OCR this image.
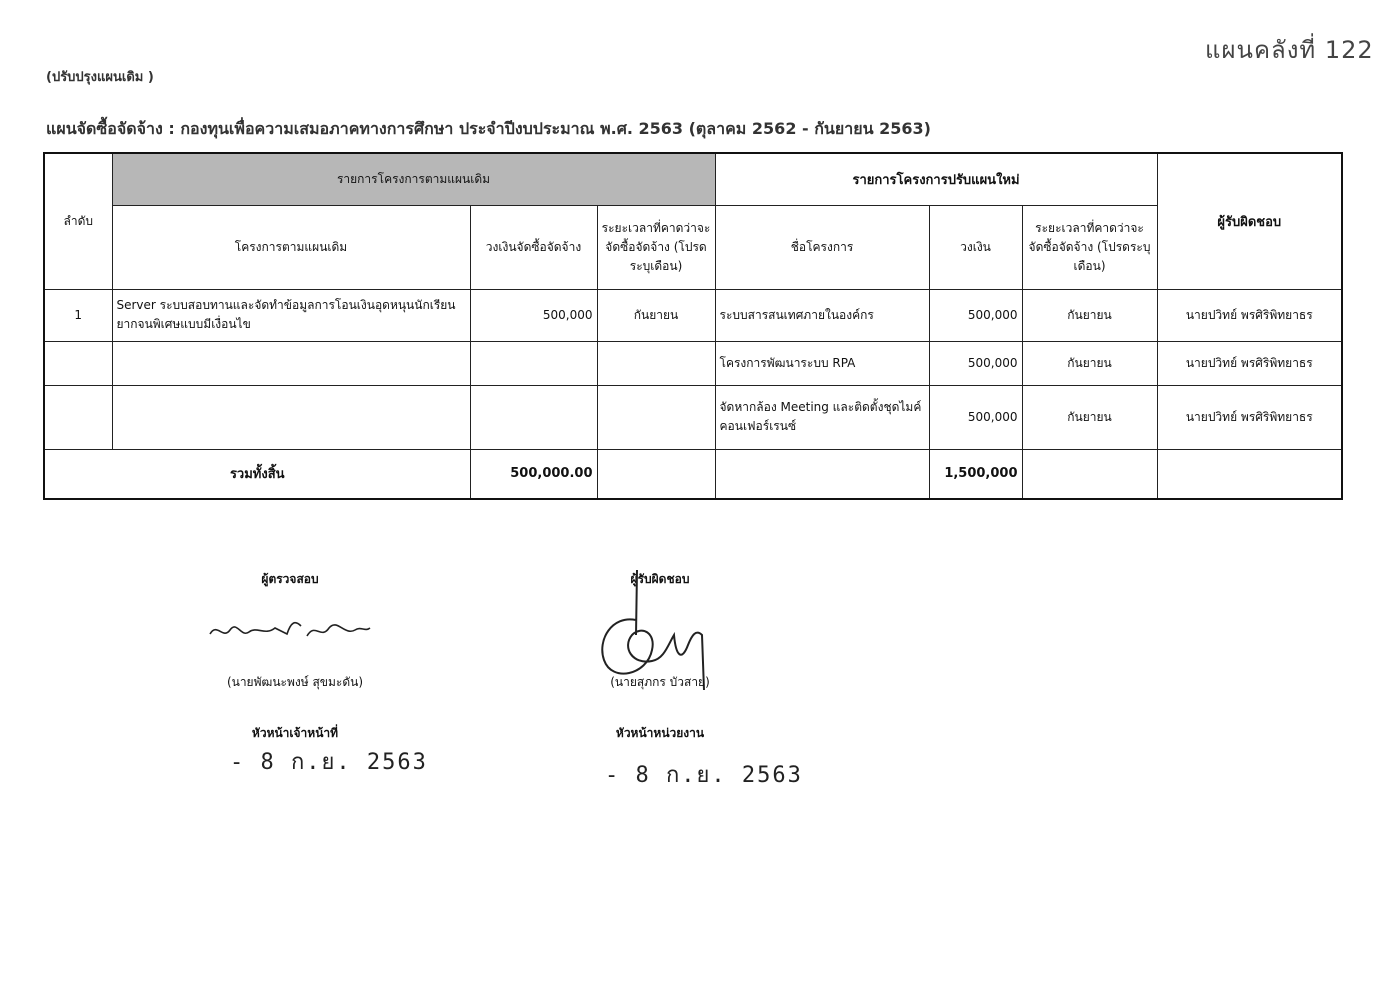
แผนคลังที่ 122
(ปรับปรุงแผนเดิม )
แผนจัดซื้อจัดจ้าง : กองทุนเพื่อความเสมอภาคทางการศึกษา ประจำปีงบประมาณ พ.ศ. 2563 (ตุลาคม 2562 - กันยายน 2563)
ลำดับ	รายการโครงการตามแผนเดิม			รายการโครงการปรับแผนใหม่			ผู้รับผิดชอบ
	โครงการตามแผนเดิม	วงเงินจัดซื้อจัดจ้าง	ระยะเวลาที่คาดว่าจะ จัดซื้อจัดจ้าง (โปรดระบุเดือน)	ชื่อโครงการ	วงเงิน	ระยะเวลาที่คาดว่าจะ จัดซื้อจัดจ้าง (โปรดระบุเดือน)	
1	Server ระบบสอบทานและจัดทำข้อมูลการโอนเงินอุดหนุนนักเรียนยากจนพิเศษแบบมีเงื่อนไข	500,000	กันยายน	ระบบสารสนเทศภายในองค์กร	500,000	กันยายน	นายปวิทย์ พรศิริพิทยาธร
				โครงการพัฒนาระบบ RPA	500,000	กันยายน	นายปวิทย์ พรศิริพิทยาธร
				จัดหากล้อง Meeting และติดตั้งชุดไมค์คอนเฟอร์เรนซ์	500,000	กันยายน	นายปวิทย์ พรศิริพิทยาธร
รวมทั้งสิ้น		500,000.00			1,500,000		
ผู้ตรวจสอบ
(นายพัฒนะพงษ์ สุขมะดัน)
หัวหน้าเจ้าหน้าที่
- 8 ก.ย. 2563
ผู้รับผิดชอบ
(นายสุภกร บัวสาย)
หัวหน้าหน่วยงาน
- 8 ก.ย. 2563
